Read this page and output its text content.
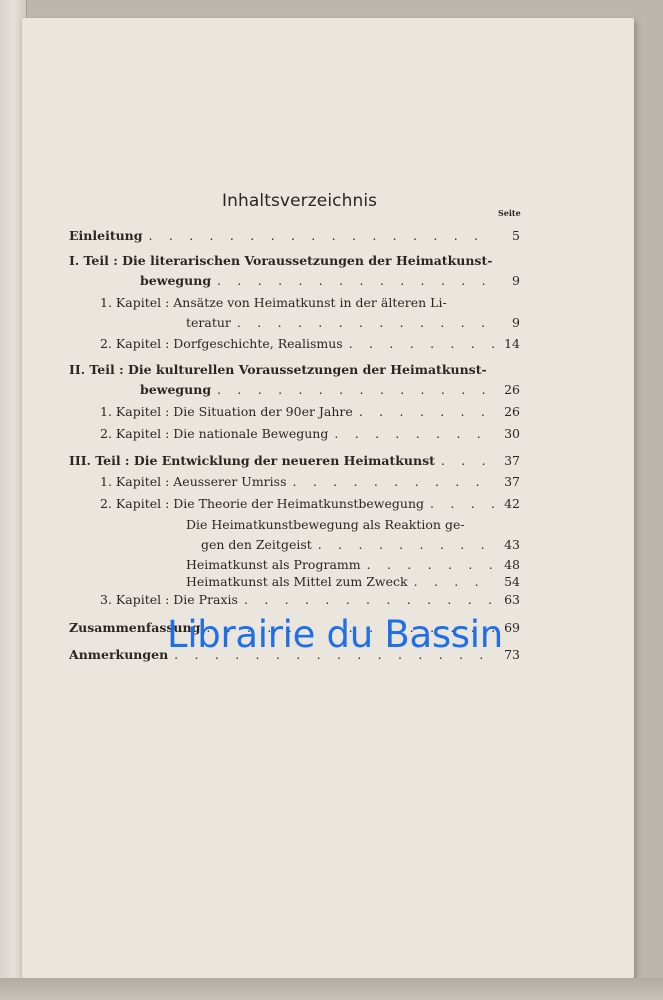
Inhaltsverzeichnis
Seite
Einleitung . . .	5
I. Teil : Die literarischen Voraussetzungen der Heimatkunst-
bewegung . . .	9
1. Kapitel : Ansätze von Heimatkunst in der älteren Li-
teratur . . .	9
2. Kapitel : Dorfgeschichte, Realismus . . .	14
II. Teil : Die kulturellen Voraussetzungen der Heimatkunst-
bewegung . . .	26
1. Kapitel : Die Situation der 90er Jahre . . .	26
2. Kapitel : Die nationale Bewegung . . .	30
III. Teil : Die Entwicklung der neueren Heimatkunst . . .	37
1. Kapitel : Aeusserer Umriss . . .	37
2. Kapitel : Die Theorie der Heimatkunstbewegung . . .	42
Die Heimatkunstbewegung als Reaktion ge-
gen den Zeitgeist . . .	43
Heimatkunst als Programm . . .	48
Heimatkunst als Mittel zum Zweck . . .	54
3. Kapitel : Die Praxis . . .	63
Zusammenfassung . . .	69
Anmerkungen . . .	73
Librairie du Bassin
